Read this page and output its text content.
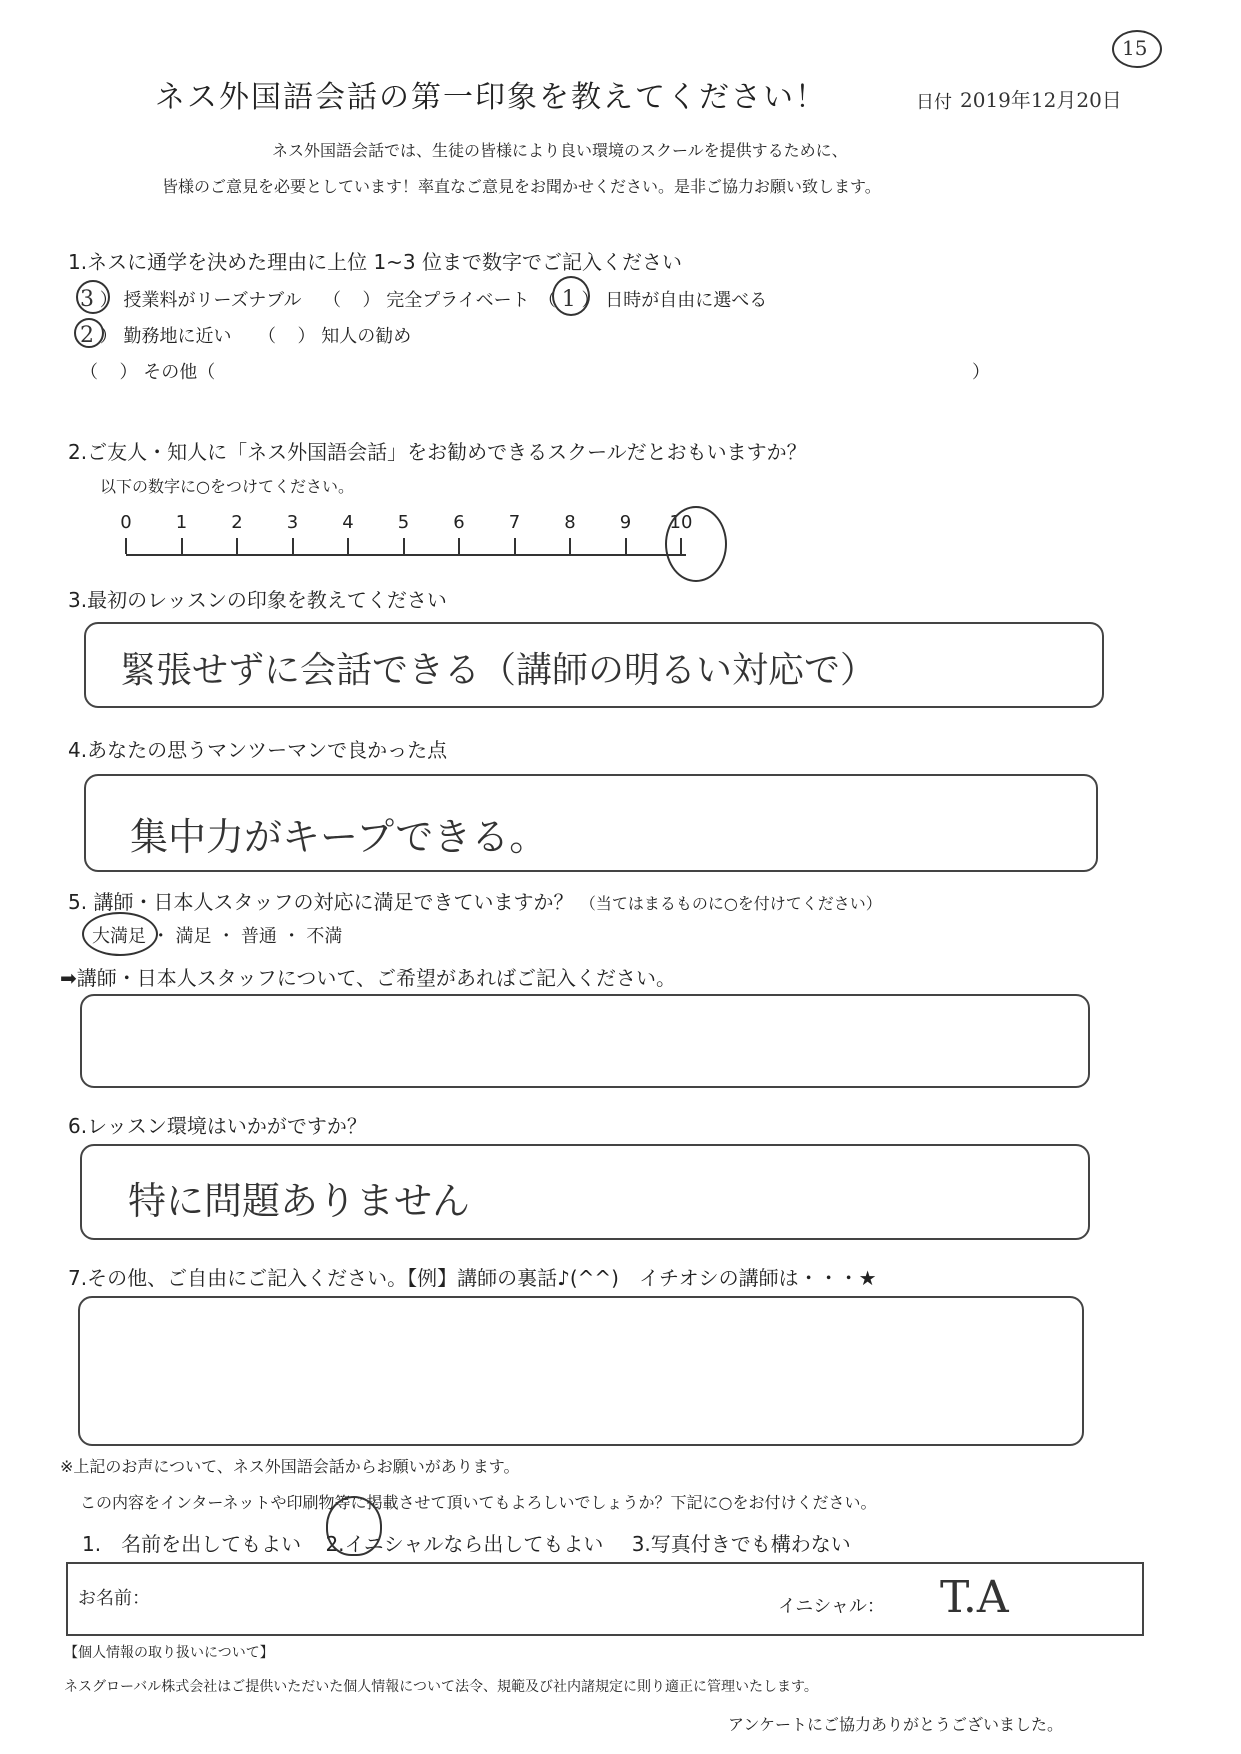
15
ネス外国語会話の第一印象を教えてください！	日付 2019年12月20日
ネス外国語会話では、生徒の皆様により良い環境のスクールを提供するために、
皆様のご意見を必要としています！率直なご意見をお聞かせください。是非ご協力お願い致します。
1.ネスに通学を決めた理由に上位 1~3 位まで数字でご記入ください
3 ） 授業料がリーズナブル （ ） 完全プライベート （ 1 ） 日時が自由に選べる
2 ） 勤務地に近い （ ） 知人の勧め
（ ） その他（	）
2.ご友人・知人に「ネス外国語会話」をお勧めできるスクールだとおもいますか？
以下の数字に○をつけてください。
0	1	2	3	4	5	6	7	8	9	10
3.最初のレッスンの印象を教えてください
緊張せずに会話できる（講師の明るい対応で）
4.あなたの思うマンツーマンで良かった点
集中力がキープできる。
5. 講師・日本人スタッフの対応に満足できていますか？ （当てはまるものに○を付けてください）
大満足 ・ 満足 ・ 普通 ・ 不満
➡講師・日本人スタッフについて、ご希望があればご記入ください。
6.レッスン環境はいかがですか？
特に問題ありません
7.その他、ご自由にご記入ください。【例】講師の裏話♪(^^)　イチオシの講師は・・・★
※上記のお声について、ネス外国語会話からお願いがあります。
この内容をインターネットや印刷物等に掲載させて頂いてもよろしいでしょうか？下記に○をお付けください。
1.　名前を出してもよい 2.イニシャルなら出してもよい 3.写真付きでも構わない
お名前：	イニシャル： T.A
【個人情報の取り扱いについて】
ネスグローバル株式会社はご提供いただいた個人情報について法令、規範及び社内諸規定に則り適正に管理いたします。
アンケートにご協力ありがとうございました。
